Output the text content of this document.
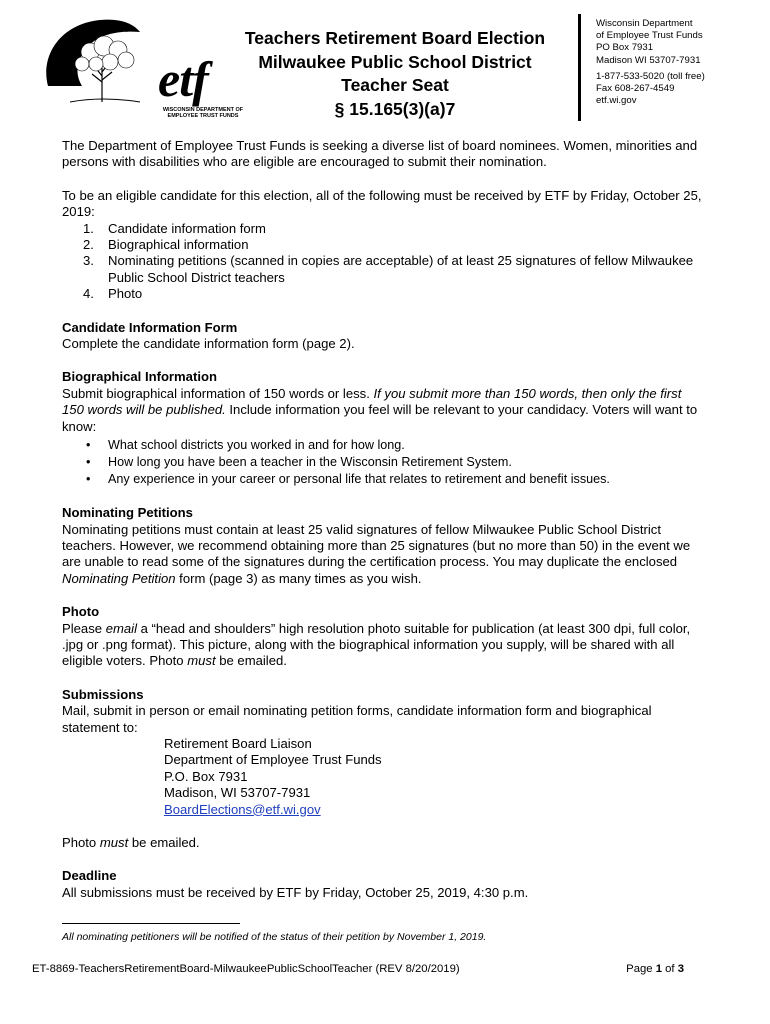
etf
WISCONSIN DEPARTMENT OF EMPLOYEE TRUST FUNDS
Teachers Retirement Board Election
Milwaukee Public School District
Teacher Seat
§ 15.165(3)(a)7
Wisconsin Department
of Employee Trust Funds
PO Box 7931
Madison WI 53707-7931
1-877-533-5020 (toll free)
Fax 608-267-4549
etf.wi.gov

The Department of Employee Trust Funds is seeking a diverse list of board nominees. Women, minorities and persons with disabilities who are eligible are encouraged to submit their nomination.

To be an eligible candidate for this election, all of the following must be received by ETF by Friday, October 25, 2019:

1. Candidate information form
2. Biographical information
3. Nominating petitions (scanned in copies are acceptable) of at least 25 signatures of fellow Milwaukee Public School District teachers
4. Photo

Candidate Information Form

Complete the candidate information form (page 2).

Biographical Information

Submit biographical information of 150 words or less. If you submit more than 150 words, then only the first 150 words will be published. Include information you feel will be relevant to your candidacy. Voters will want to know:

• What school districts you worked in and for how long.
• How long you have been a teacher in the Wisconsin Retirement System.
• Any experience in your career or personal life that relates to retirement and benefit issues.

Nominating Petitions

Nominating petitions must contain at least 25 valid signatures of fellow Milwaukee Public School District teachers. However, we recommend obtaining more than 25 signatures (but no more than 50) in the event we are unable to read some of the signatures during the certification process. You may duplicate the enclosed Nominating Petition form (page 3) as many times as you wish.

Photo

Please email a “head and shoulders” high resolution photo suitable for publication (at least 300 dpi, full color, .jpg or .png format). This picture, along with the biographical information you supply, will be shared with all eligible voters. Photo must be emailed.

Submissions

Mail, submit in person or email nominating petition forms, candidate information form and biographical statement to:

Retirement Board Liaison
Department of Employee Trust Funds
P.O. Box 7931
Madison, WI 53707-7931
BoardElections@etf.wi.gov

Photo must be emailed.

Deadline

All submissions must be received by ETF by Friday, October 25, 2019, 4:30 p.m.

All nominating petitioners will be notified of the status of their petition by November 1, 2019.
ET-8869-TeachersRetirementBoard-MilwaukeePublicSchoolTeacher (REV 8/20/2019)	Page 1 of 3
